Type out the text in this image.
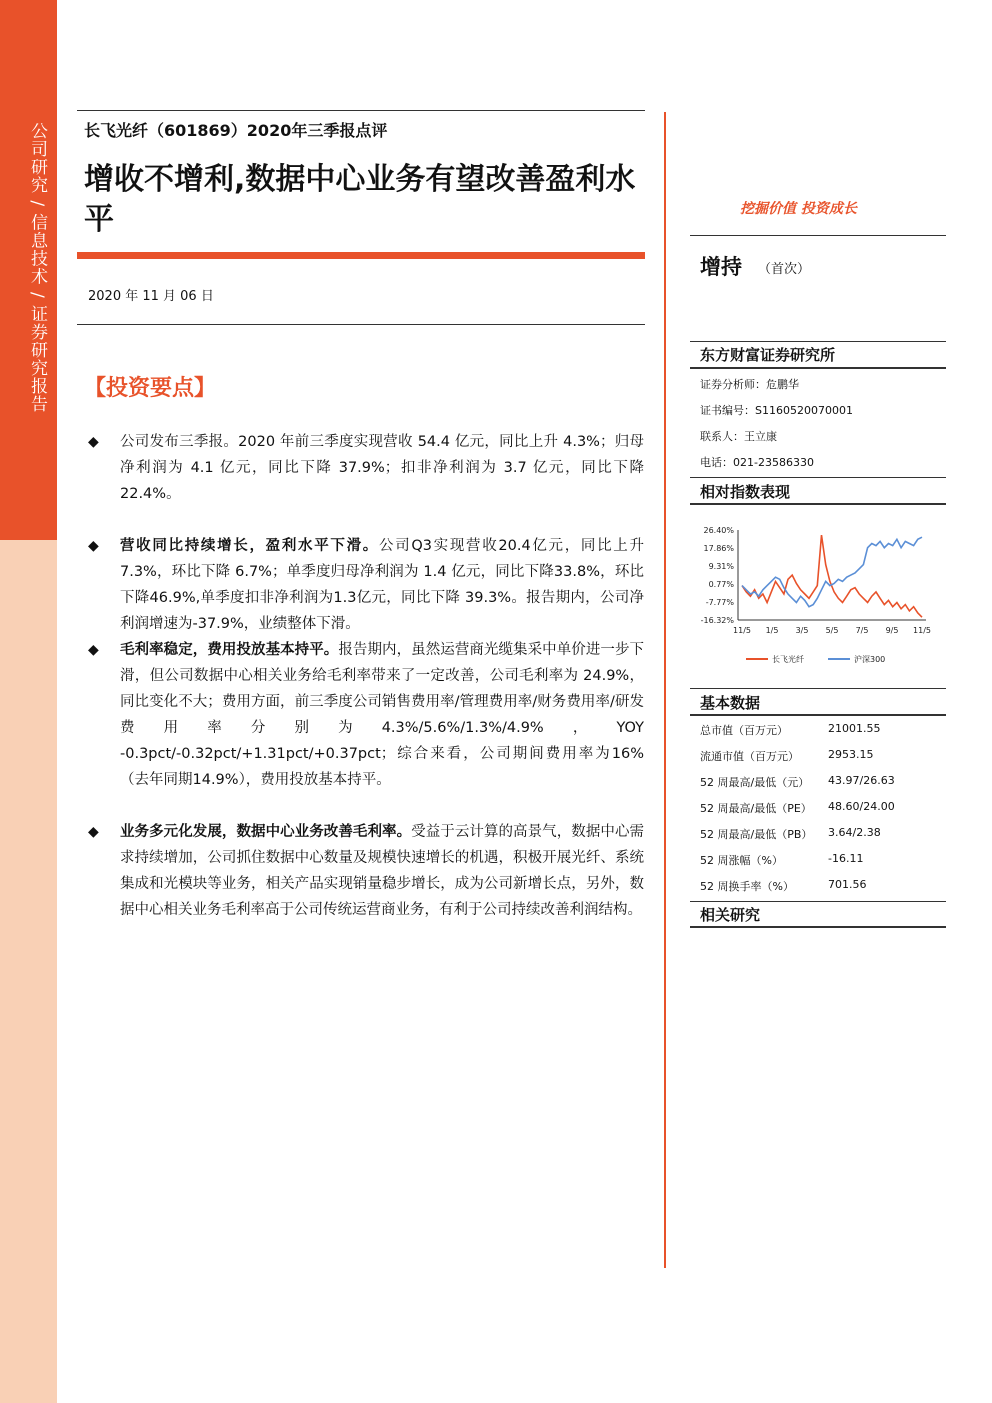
公司研究 / 信息技术 / 证券研究报告 长飞光纤（601869）2020年三季报点评
增收不增利,数据中心业务有望改善盈利水平
2020 年 11 月 06 日
【投资要点】
◆ 公司发布三季报。2020 年前三季度实现营收 54.4 亿元，同比上升 4.3%；归母净利润为 4.1 亿元，同比下降 37.9%；扣非净利润为 3.7 亿元，同比下降 22.4%。
◆ 营收同比持续增长，盈利水平下滑。公司Q3实现营收20.4亿元，同比上升 7.3%，环比下降 6.7%；单季度归母净利润为 1.4 亿元，同比下降33.8%，环比下降46.9%,单季度扣非净利润为1.3亿元，同比下降 39.3%。报告期内，公司净利润增速为-37.9%，业绩整体下滑。
◆ 毛利率稳定，费用投放基本持平。报告期内，虽然运营商光缆集采中单价进一步下滑，但公司数据中心相关业务给毛利率带来了一定改善，公司毛利率为 24.9%，同比变化不大；费用方面，前三季度公司销售费用率/管理费用率/财务费用率/研发费用率分别为4.3%/5.6%/1.3%/4.9%，YOY -0.3pct/-0.32pct/+1.31pct/+0.37pct；综合来看，公司期间费用率为16%（去年同期14.9%），费用投放基本持平。
◆ 业务多元化发展，数据中心业务改善毛利率。受益于云计算的高景气，数据中心需求持续增加，公司抓住数据中心数量及规模快速增长的机遇，积极开展光纤、系统集成和光模块等业务，相关产品实现销量稳步增长，成为公司新增长点，另外，数据中心相关业务毛利率高于公司传统运营商业务，有利于公司持续改善利润结构。
挖掘价值 投资成长
增持 （首次）
东方财富证券研究所
证券分析师：危鹏华
证书编号：S1160520070001
联系人：王立康
电话：021-23586330
相对指数表现
26.40%
17.86%
9.31%
0.77%
-7.77%
-16.32%
11/5 1/5 3/5 5/5 7/5 9/5 11/5
长飞光纤	沪深300
基本数据
总市值（百万元）	21001.55
流通市值（百万元）	2953.15
52 周最高/最低（元） 43.97/26.63
52 周最高/最低（PE） 48.60/24.00
52 周最高/最低（PB） 3.64/2.38
52 周涨幅（%）	-16.11
52 周换手率（%）	701.56
相关研究
